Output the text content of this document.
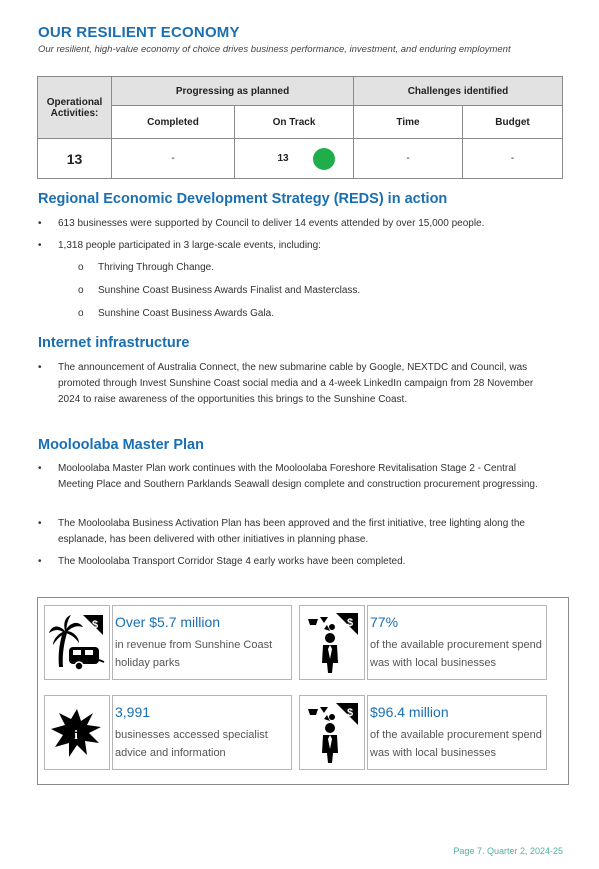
OUR RESILIENT ECONOMY
Our resilient, high-value economy of choice drives business performance, investment, and enduring employment
Operational Activities:	Progressing as planned		Challenges identified	
	Completed	On Track	Time	Budget
13	-	13	-	-
Regional Economic Development Strategy (REDS) in action
•	613 businesses were supported by Council to deliver 14 events attended by over 15,000 people.
•	1,318 people participated in 3 large-scale events, including:
o Thriving Through Change.
o Sunshine Coast Business Awards Finalist and Masterclass.
o Sunshine Coast Business Awards Gala.
Internet infrastructure
•	The announcement of Australia Connect, the new submarine cable by Google, NEXTDC and Council, was promoted through Invest Sunshine Coast social media and a 4-week LinkedIn campaign from 28 November 2024 to raise awareness of the opportunities this brings to the Sunshine Coast.
Mooloolaba Master Plan
•	Mooloolaba Master Plan work continues with the Mooloolaba Foreshore Revitalisation Stage 2 - Central Meeting Place and Southern Parklands Seawall design complete and construction procurement progressing.
•	The Mooloolaba Business Activation Plan has been approved and the first initiative, tree lighting along the esplanade, has been delivered with other initiatives in planning phase.
•	The Mooloolaba Transport Corridor Stage 4 early works have been completed.
$ Over $5.7 million
in revenue from Sunshine Coast holiday parks
$ 77%
of the available procurement spend was with local businesses
i
3,991
businesses accessed specialist advice and information
$ $96.4 million
of the available procurement spend was with local businesses
Page 7. Quarter 2, 2024-25
